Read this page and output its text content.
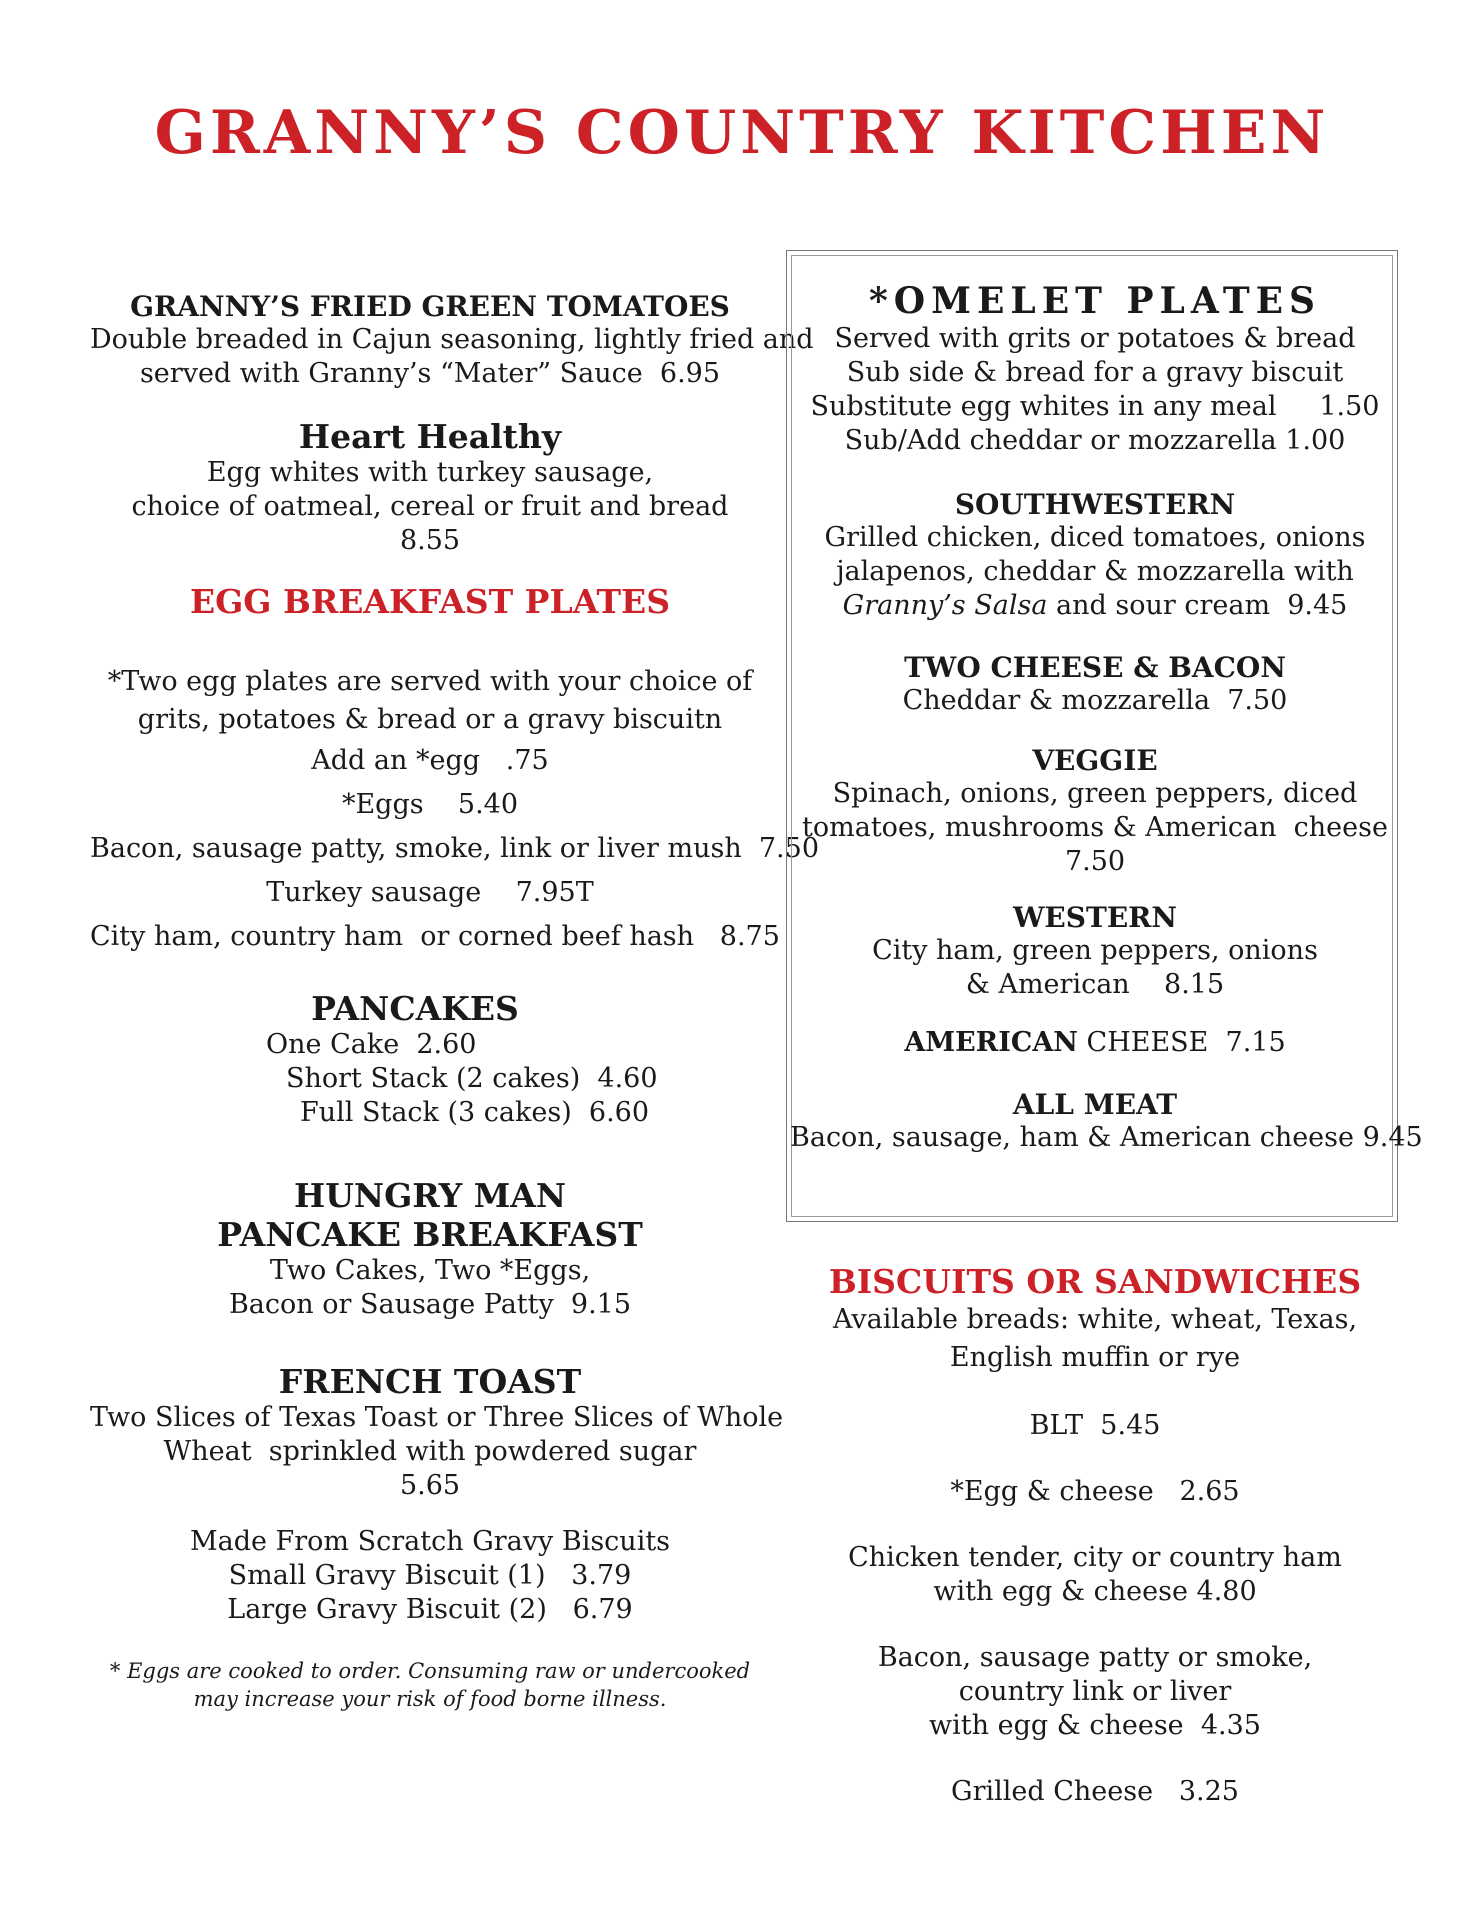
GRANNY’S COUNTRY KITCHEN
GRANNY’S FRIED GREEN TOMATOES
Double breaded in Cajun seasoning, lightly fried and
served with Granny’s “Mater” Sauce  6.95
Heart Healthy
Egg whites with turkey sausage,
choice of oatmeal, cereal or fruit and bread
8.55
EGG BREAKFAST PLATES
*Two egg plates are served with your choice of
grits, potatoes & bread or a gravy biscuitn
Add an *egg   .75
*Eggs    5.40
Bacon, sausage patty, smoke, link or liver mush  7.50
Turkey sausage    7.95T
City ham, country ham  or corned beef hash   8.75
PANCAKES
One Cake  2.60
Short Stack (2 cakes)  4.60
Full Stack (3 cakes)  6.60
HUNGRY MAN
PANCAKE BREAKFAST
Two Cakes, Two *Eggs,
Bacon or Sausage Patty  9.15
FRENCH TOAST
Two Slices of Texas Toast or Three Slices of Whole
Wheat  sprinkled with powdered sugar
5.65
Made From Scratch Gravy Biscuits
Small Gravy Biscuit (1)   3.79
Large Gravy Biscuit (2)   6.79
* Eggs are cooked to order. Consuming raw or undercooked
may increase your risk of food borne illness.
*OMELET PLATES
Served with grits or potatoes & bread
Sub side & bread for a gravy biscuit
Substitute egg whites in any meal     1.50
Sub/Add cheddar or mozzarella 1.00
SOUTHWESTERN
Grilled chicken, diced tomatoes, onions
jalapenos, cheddar & mozzarella with
Granny’s Salsa and sour cream  9.45
TWO CHEESE & BACON
Cheddar & mozzarella  7.50
VEGGIE
Spinach, onions, green peppers, diced
tomatoes, mushrooms & American  cheese
7.50
WESTERN
City ham, green peppers, onions
& American    8.15
AMERICAN CHEESE  7.15
ALL MEAT
Bacon, sausage, ham & American cheese 9.45
BISCUITS OR SANDWICHES
Available breads: white, wheat, Texas,
English muffin or rye
BLT  5.45
*Egg & cheese   2.65
Chicken tender, city or country ham
with egg & cheese 4.80
Bacon, sausage patty or smoke,
country link or liver
with egg & cheese  4.35
Grilled Cheese   3.25
